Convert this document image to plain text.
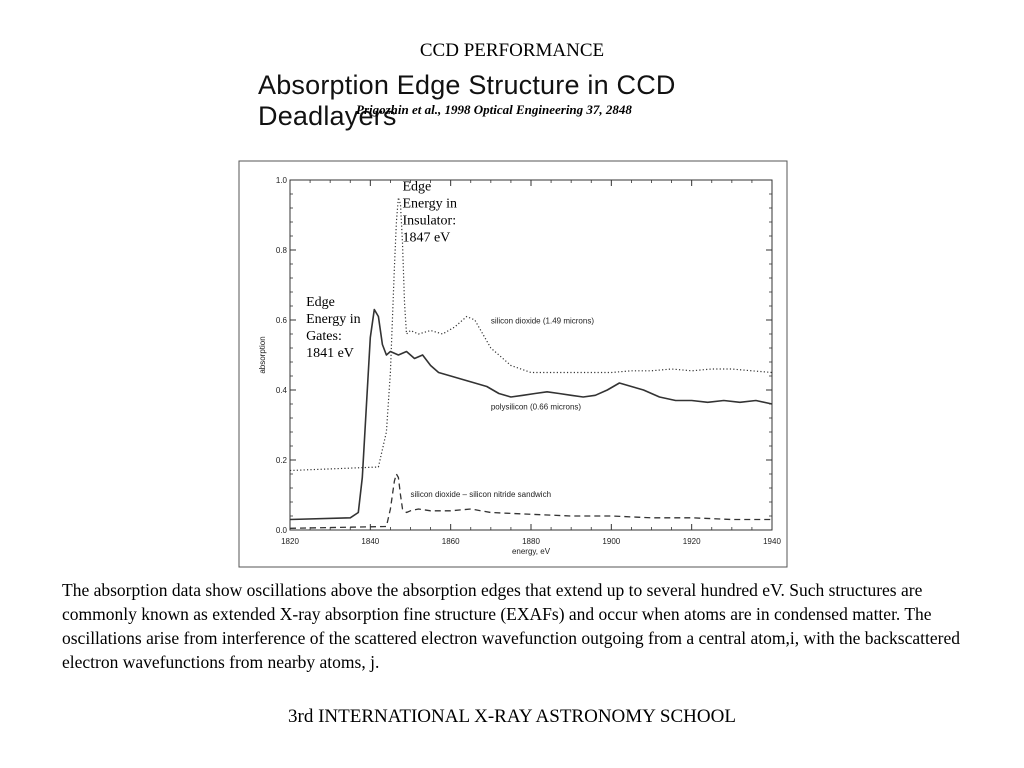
CCD PERFORMANCE
Absorption Edge Structure in CCD Deadlayers
Prigozhin et al., 1998 Optical Engineering 37, 2848
1820	1840	1860	1880	1900	1920	1940
0.0
0.2
0.4
0.6
0.8
1.0
silicon dioxide (1.49 microns)
polysilicon (0.66 microns)
silicon dioxide – silicon nitride sandwich
Edge Energy in Insulator: 1847 eV
Edge Energy in Gates: 1841 eV
energy, eV
absorption
The absorption data show oscillations above the absorption edges that extend up to several hundred eV. Such structures are commonly known as extended X-ray absorption fine structure (EXAFs) and occur when atoms are in condensed matter. The oscillations arise from interference of the scattered electron wavefunction outgoing from a central atom,i, with the backscattered electron wavefunctions from nearby atoms, j.
3rd INTERNATIONAL X-RAY ASTRONOMY SCHOOL
